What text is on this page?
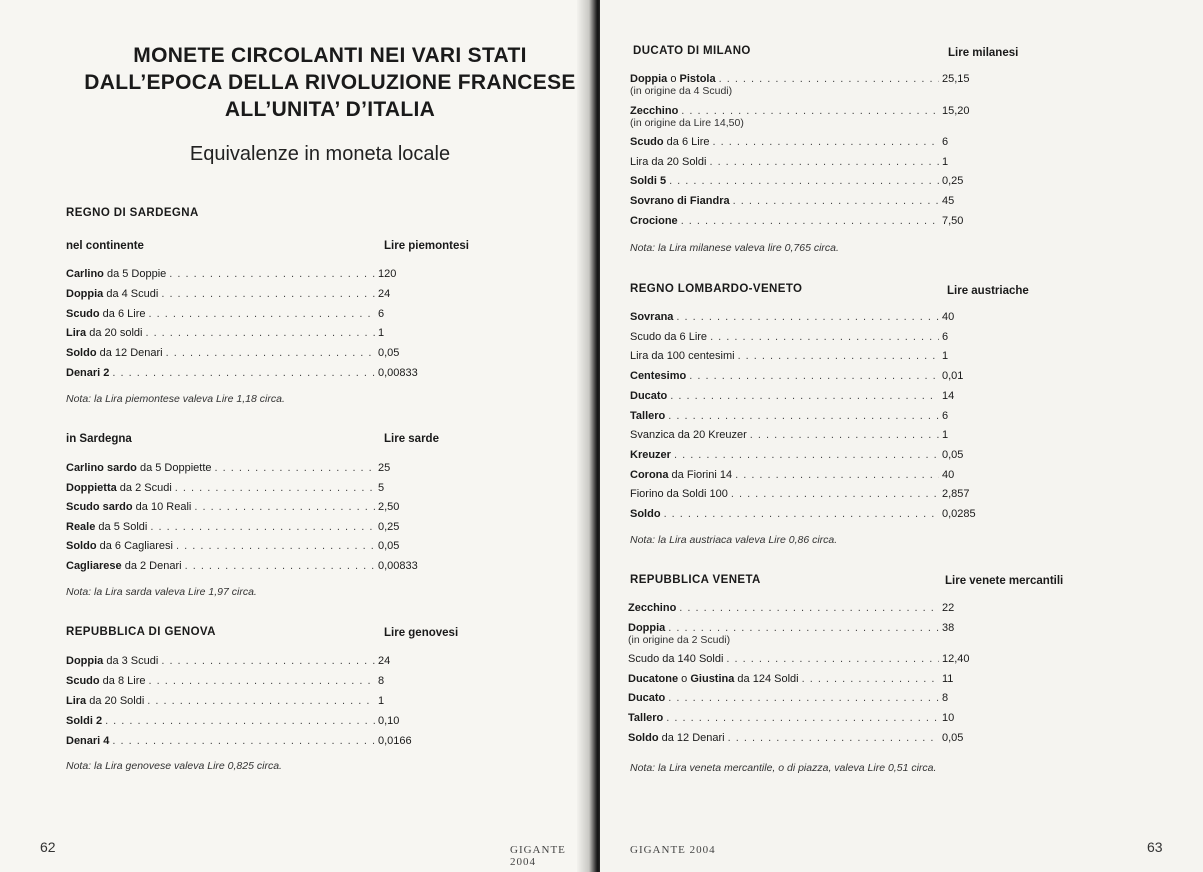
62	GIGANTE 2004
GIGANTE 2004	63
MONETE CIRCOLANTI NEI VARI STATI
DALL’EPOCA DELLA RIVOLUZIONE FRANCESE
ALL’UNITA’ D’ITALIA
Equivalenze in moneta locale
REGNO DI SARDEGNA
nel continente	Lire piemontesi
Carlino da 5 Doppie . . .	120
Doppia da 4 Scudi . . .	24
Scudo da 6 Lire . . .	6
Lira da 20 soldi . . .	1
Soldo da 12 Denari . . .	0,05
Denari 2 . . .	0,00833
Nota: la Lira piemontese valeva Lire 1,18 circa.
in Sardegna	Lire sarde
Carlino sardo da 5 Doppiette . . .	25
Doppietta da 2 Scudi . . .	5
Scudo sardo da 10 Reali . . .	2,50
Reale da 5 Soldi . . .	0,25
Soldo da 6 Cagliaresi . . .	0,05
Cagliarese da 2 Denari . . .	0,00833
Nota: la Lira sarda valeva Lire 1,97 circa.
REPUBBLICA DI GENOVA	Lire genovesi
Doppia da 3 Scudi . . .	24
Scudo da 8 Lire . . .	8
Lira da 20 Soldi . . .	1
Soldi 2 . . .	0,10
Denari 4 . . .	0,0166
Nota: la Lira genovese valeva Lire 0,825 circa.
DUCATO DI MILANO	Lire milanesi
Doppia o Pistola . . .	25,15
(in origine da 4 Scudi)
Zecchino . . .	15,20
(in origine da Lire 14,50)
Scudo da 6 Lire . . .	6
Lira da 20 Soldi . . .	1
Soldi 5 . . .	0,25
Sovrano di Fiandra . . .	45
Crocione . . .	7,50
Nota: la Lira milanese valeva lire 0,765 circa.
REGNO LOMBARDO-VENETO	Lire austriache
Sovrana . . .	40
Scudo da 6 Lire . . .	6
Lira da 100 centesimi . . .	1
Centesimo . . .	0,01
Ducato . . .	14
Tallero . . .	6
Svanzica da 20 Kreuzer . . .	1
Kreuzer . . .	0,05
Corona da Fiorini 14 . . .	40
Fiorino da Soldi 100 . . .	2,857
Soldo . . .	0,0285
Nota: la Lira austriaca valeva Lire 0,86 circa.
REPUBBLICA VENETA	Lire venete mercantili
Zecchino . . .	22
Doppia . . .	38
(in origine da 2 Scudi)
Scudo da 140 Soldi . . .	12,40
Ducatone o Giustina da 124 Soldi . . .	11
Ducato . . .	8
Tallero . . .	10
Soldo da 12 Denari . . .	0,05
Nota: la Lira veneta mercantile, o di piazza, valeva Lire 0,51 circa.
